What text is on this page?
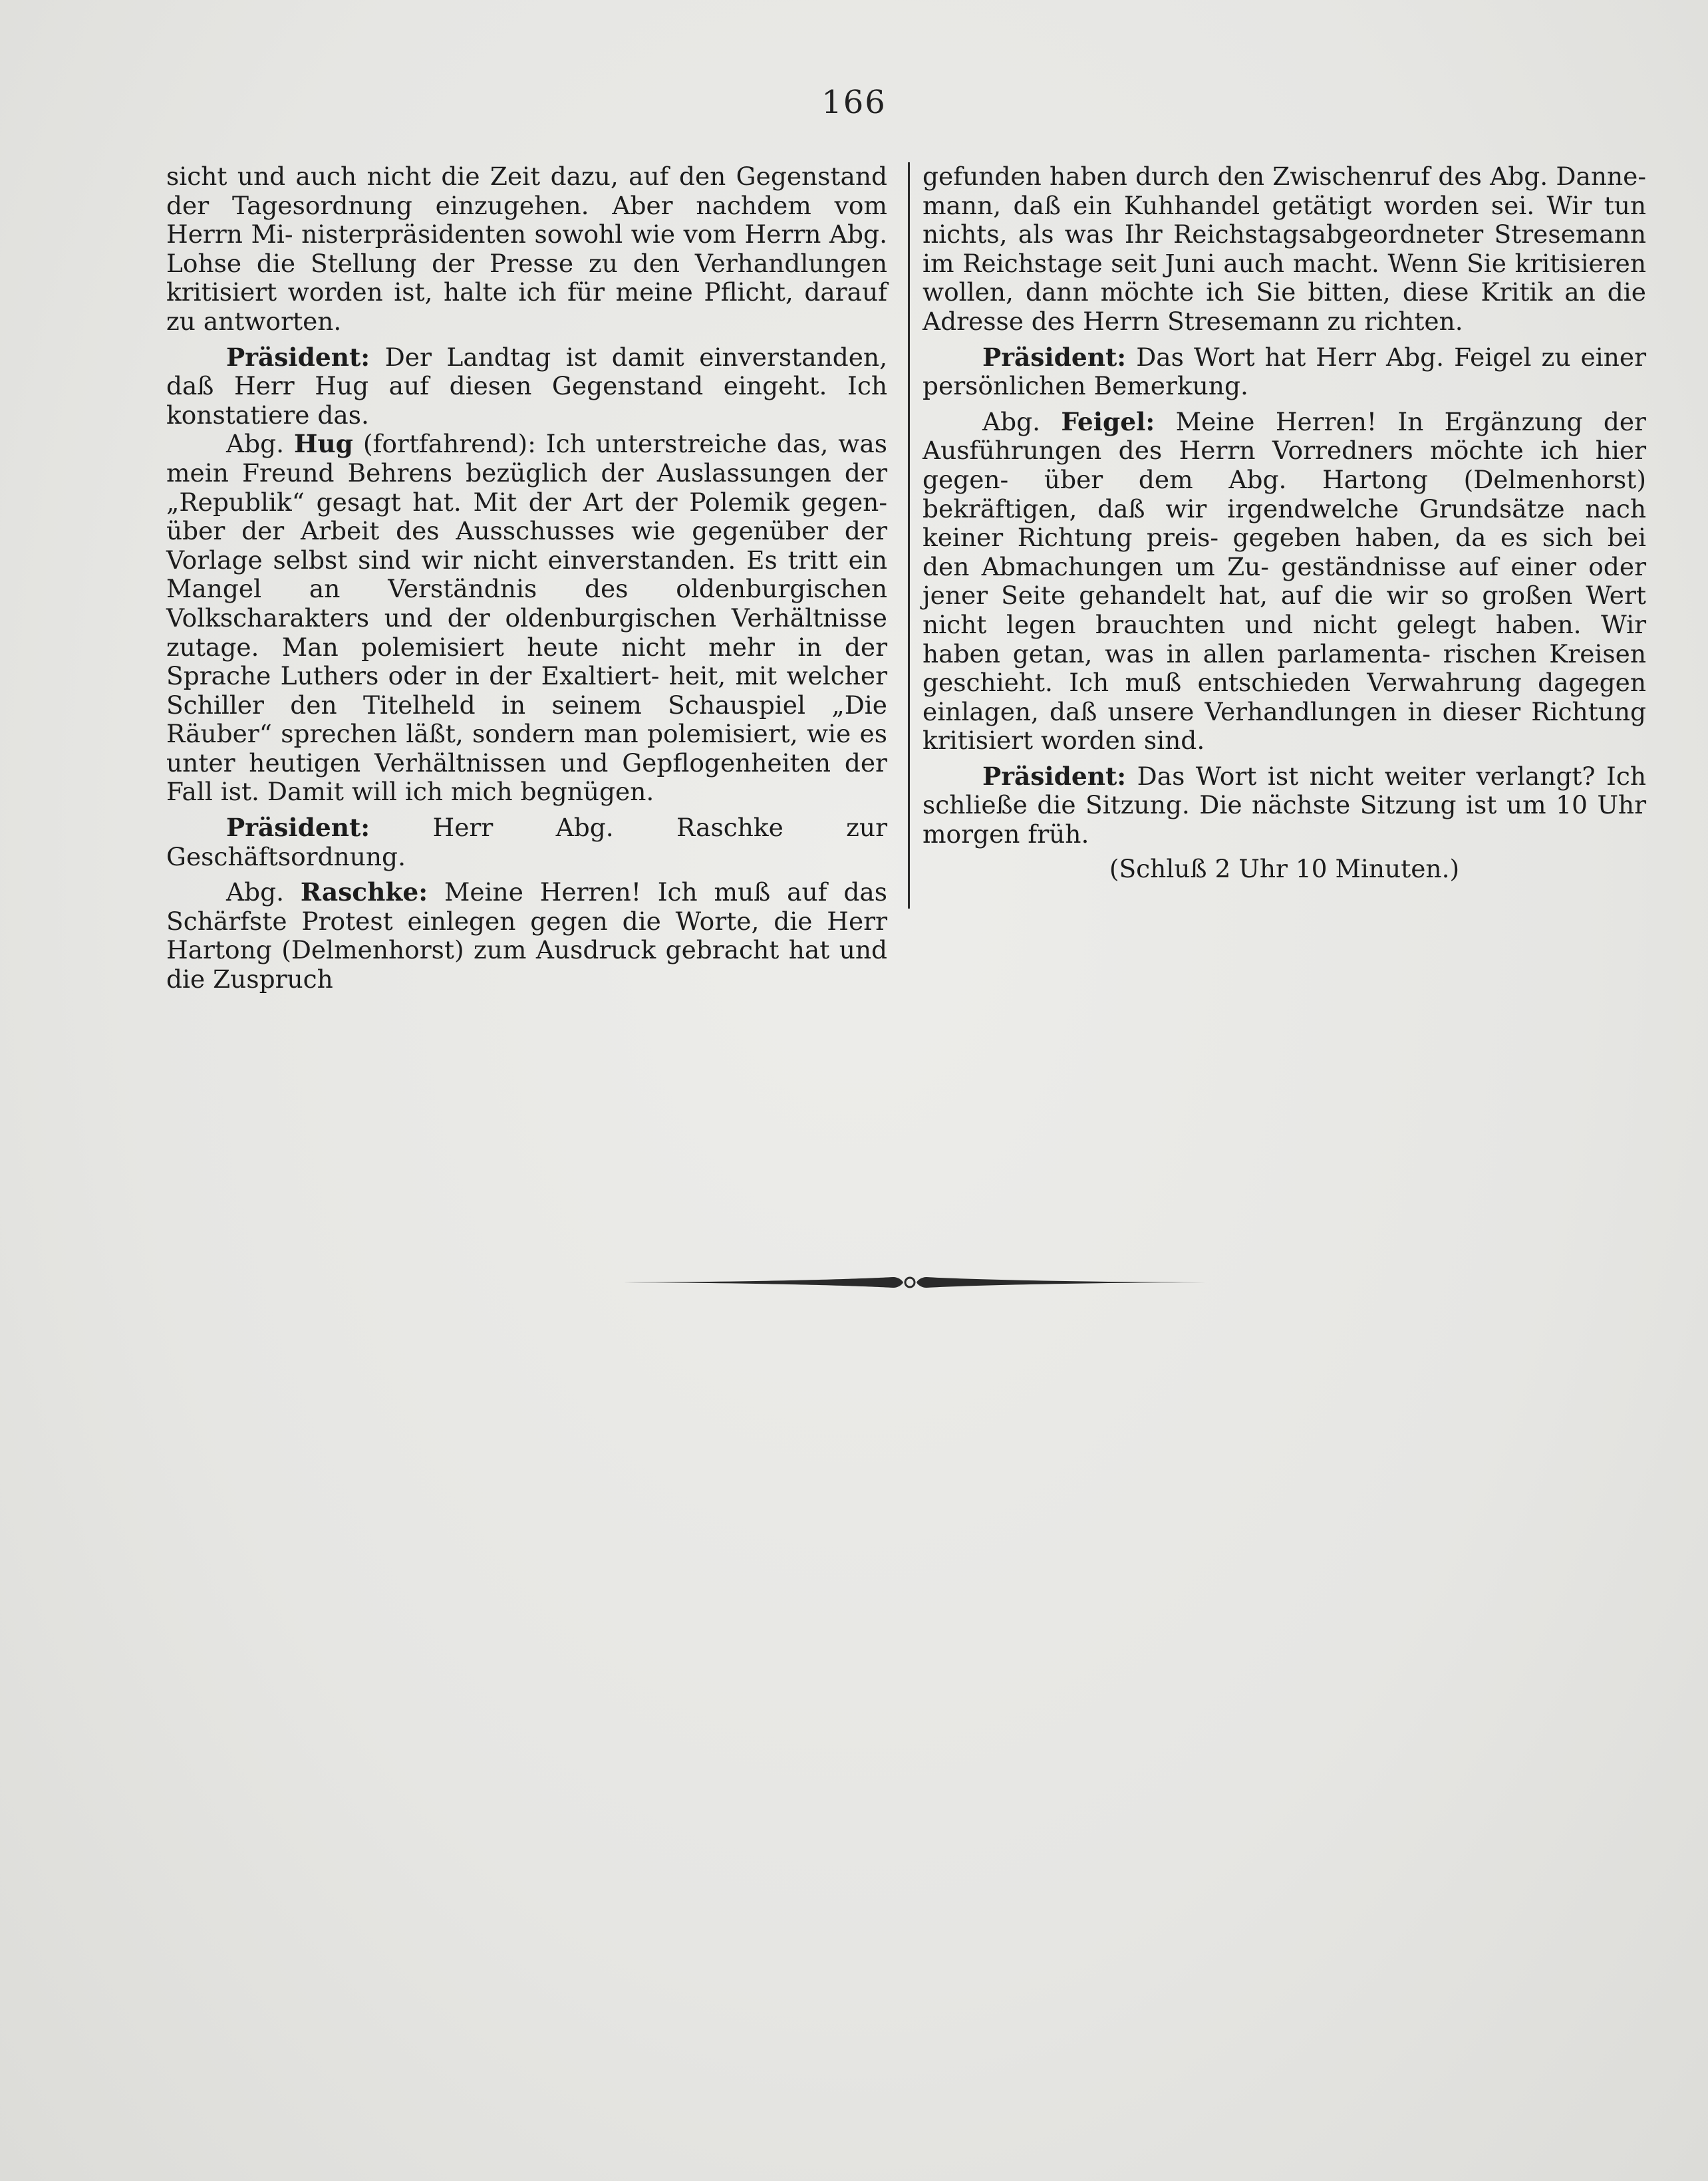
166

sicht und auch nicht die Zeit dazu, auf den Gegenstand der Tagesordnung einzugehen. Aber nachdem vom Herrn Mi- nisterpräsidenten sowohl wie vom Herrn Abg. Lohse die Stellung der Presse zu den Verhandlungen kritisiert worden ist, halte ich für meine Pflicht, darauf zu antworten.

Präsident: Der Landtag ist damit einverstanden, daß Herr Hug auf diesen Gegenstand eingeht. Ich konstatiere das.

Abg. Hug (fortfahrend): Ich unterstreiche das, was mein Freund Behrens bezüglich der Auslassungen der „Republik“ gesagt hat. Mit der Art der Polemik gegen- über der Arbeit des Ausschusses wie gegenüber der Vorlage selbst sind wir nicht einverstanden. Es tritt ein Mangel an Verständnis des oldenburgischen Volkscharakters und der oldenburgischen Verhältnisse zutage. Man polemisiert heute nicht mehr in der Sprache Luthers oder in der Exaltiert- heit, mit welcher Schiller den Titelheld in seinem Schauspiel „Die Räuber“ sprechen läßt, sondern man polemisiert, wie es unter heutigen Verhältnissen und Gepflogenheiten der Fall ist. Damit will ich mich begnügen.

Präsident:	Herr Abg. Raschke zur Geschäftsordnung.

Abg. Raschke: Meine Herren! Ich muß auf das Schärfste Protest einlegen gegen die Worte, die Herr Hartong (Delmenhorst) zum Ausdruck gebracht hat und die Zuspruch

gefunden haben durch den Zwischenruf des Abg. Danne- mann, daß ein Kuhhandel getätigt worden sei. Wir tun nichts, als was Ihr Reichstagsabgeordneter Stresemann im Reichstage seit Juni auch macht. Wenn Sie kritisieren wollen, dann möchte ich Sie bitten, diese Kritik an die Adresse des Herrn Stresemann zu richten.

Präsident: Das Wort hat Herr Abg. Feigel zu einer persönlichen Bemerkung.

Abg. Feigel: Meine Herren! In Ergänzung der Ausführungen des Herrn Vorredners möchte ich hier gegen- über dem Abg. Hartong (Delmenhorst) bekräftigen, daß wir irgendwelche Grundsätze nach keiner Richtung preis- gegeben haben, da es sich bei den Abmachungen um Zu- geständnisse auf einer oder jener Seite gehandelt hat, auf die wir so großen Wert nicht legen brauchten und nicht gelegt haben. Wir haben getan, was in allen parlamenta- rischen Kreisen geschieht. Ich muß entschieden Verwahrung dagegen einlagen, daß unsere Verhandlungen in dieser Richtung kritisiert worden sind.

Präsident: Das Wort ist nicht weiter verlangt? Ich schließe die Sitzung. Die nächste Sitzung ist um 10 Uhr morgen früh.

(Schluß 2 Uhr 10 Minuten.)
